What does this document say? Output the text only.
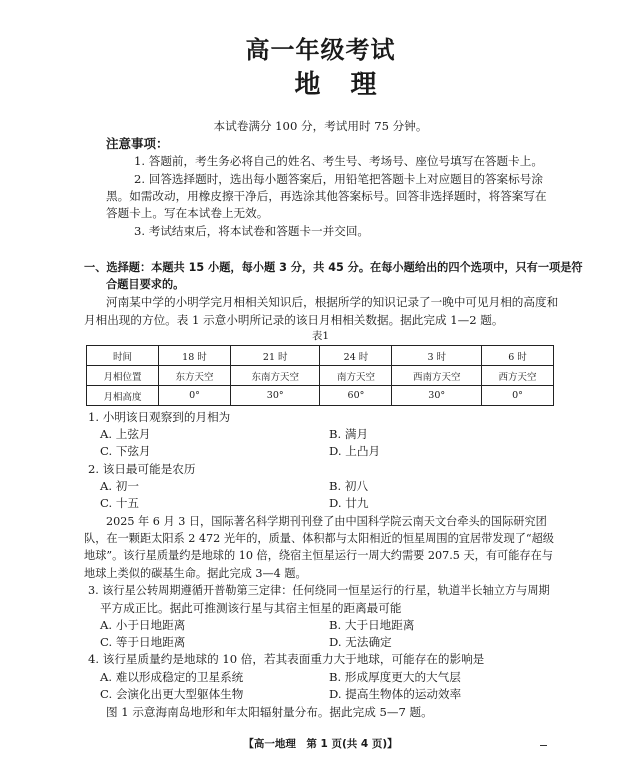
高一年级考试
地理
本试卷满分 100 分，考试用时 75 分钟。
注意事项：
1. 答题前，考生务必将自己的姓名、考生号、考场号、座位号填写在答题卡上。
2. 回答选择题时，选出每小题答案后，用铅笔把答题卡上对应题目的答案标号涂
黑。如需改动，用橡皮擦干净后，再选涂其他答案标号。回答非选择题时，将答案写在
答题卡上。写在本试卷上无效。
3. 考试结束后，将本试卷和答题卡一并交回。
一、选择题：本题共 15 小题，每小题 3 分，共 45 分。在每小题给出的四个选项中，只有一项是符
合题目要求的。
河南某中学的小明学完月相相关知识后，根据所学的知识记录了一晚中可见月相的高度和
月相出现的方位。表 1 示意小明所记录的该日月相相关数据。据此完成 1—2 题。
表1
时间	18 时	21 时	24 时	3 时	6 时
月相位置	东方天空	东南方天空	南方天空	西南方天空	西方天空
月相高度	0°	30°	60°	30°	0°
1. 小明该日观察到的月相为
A. 上弦月	B. 满月
C. 下弦月	D. 上凸月
2. 该日最可能是农历
A. 初一	B. 初八
C. 十五	D. 廿九
2025 年 6 月 3 日，国际著名科学期刊刊登了由中国科学院云南天文台牵头的国际研究团
队，在一颗距太阳系 2 472 光年的，质量、体积都与太阳相近的恒星周围的宜居带发现了“超级
地球”。该行星质量约是地球的 10 倍，绕宿主恒星运行一周大约需要 207.5 天，有可能存在与
地球上类似的碳基生命。据此完成 3—4 题。
3. 该行星公转周期遵循开普勒第三定律：任何绕同一恒星运行的行星，轨道半长轴立方与周期
平方成正比。据此可推测该行星与其宿主恒星的距离最可能
A. 小于日地距离	B. 大于日地距离
C. 等于日地距离	D. 无法确定
4. 该行星质量约是地球的 10 倍，若其表面重力大于地球，可能存在的影响是
A. 难以形成稳定的卫星系统	B. 形成厚度更大的大气层
C. 会演化出更大型躯体生物	D. 提高生物体的运动效率
图 1 示意海南岛地形和年太阳辐射量分布。据此完成 5—7 题。
【高一地理　第 1 页(共 4 页)】
